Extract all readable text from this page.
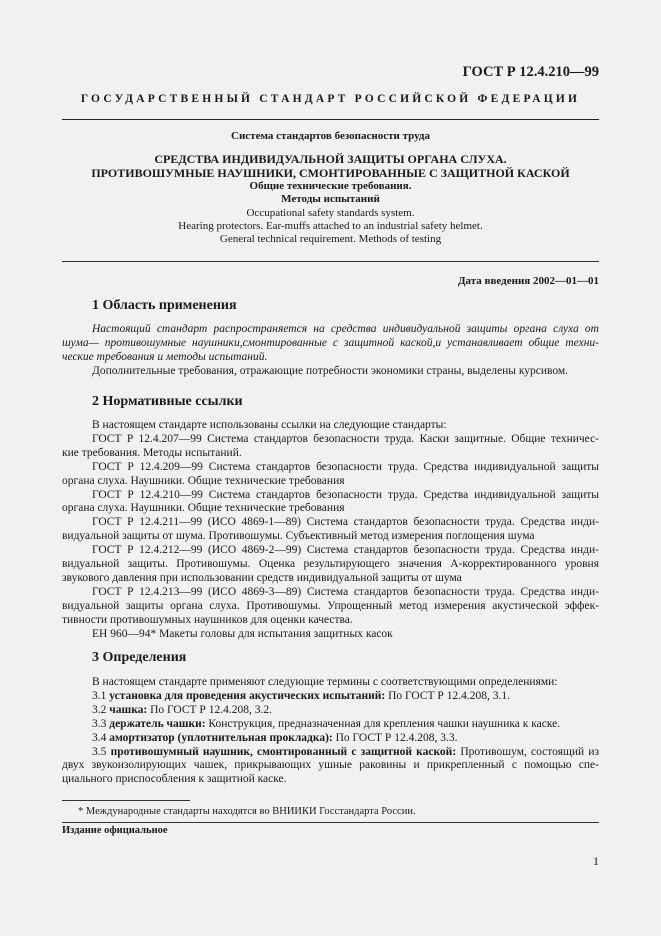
ГОСТ Р 12.4.210—99
ГОСУДАРСТВЕННЫЙ СТАНДАРТ РОССИЙСКОЙ ФЕДЕРАЦИИ
Система стандартов безопасности труда
СРЕДСТВА ИНДИВИДУАЛЬНОЙ ЗАЩИТЫ ОРГАНА СЛУХА.
ПРОТИВОШУМНЫЕ НАУШНИКИ, СМОНТИРОВАННЫЕ С ЗАЩИТНОЙ КАСКОЙ
Общие технические требования.
Методы испытаний
Occupational safety standards system.
Hearing protectors. Ear-muffs attached to an industrial safety helmet.
General technical requirement. Methods of testing
Дата введения 2002—01—01
1 Область применения

Настоящий стандарт распространяется на средства индивидуальной защиты органа слуха от

шума— противошумные наушники,смонтированные с защитной каской,и устанавливает общие техни-

ческие требования и методы испытаний.

Дополнительные требования, отражающие потребности экономики страны, выделены курсивом.

2 Нормативные ссылки

В настоящем стандарте использованы ссылки на следующие стандарты:

ГОСТ Р 12.4.207—99 Система стандартов безопасности труда. Каски защитные. Общие техничес-

кие требования. Методы испытаний.

ГОСТ Р 12.4.209—99 Система стандартов безопасности труда. Средства индивидуальной защиты

органа слуха. Наушники. Общие технические требования

ГОСТ Р 12.4.210—99 Система стандартов безопасности труда. Средства индивидуальной защиты

органа слуха. Наушники. Общие технические требования

ГОСТ Р 12.4.211—99 (ИСО 4869-1—89) Система стандартов безопасности труда. Средства инди-

видуальной защиты от шума. Противошумы. Субъективный метод измерения поглощения шума

ГОСТ Р 12.4.212—99 (ИСО 4869-2—99) Система стандартов безопасности труда. Средства инди-

видуальной защиты. Противошумы. Оценка результирующего значения А-корректированного уровня

звукового давления при использовании средств индивидуальной защиты от шума

ГОСТ Р 12.4.213—99 (ИСО 4869-3—89) Система стандартов безопасности труда. Средства инди-

видуальной защиты органа слуха. Противошумы. Упрощенный метод измерения акустической эффек-

тивности противошумных наушников для оценки качества.

ЕН 960—94* Макеты головы для испытания защитных касок

3 Определения

В настоящем стандарте применяют следующие термины с соответствующими определениями:

3.1 установка для проведения акустических испытаний: По ГОСТ Р 12.4.208, 3.1.

3.2 чашка: По ГОСТ Р 12.4.208, 3.2.

3.3 держатель чашки: Конструкция, предназначенная для крепления чашки наушника к каске.

3.4 амортизатор (уплотнительная прокладка): По ГОСТ Р 12.4.208, 3.3.

3.5 противошумный наушник, смонтированный с защитной каской: Противошум, состоящий из

двух звукоизолирующих чашек, прикрывающих ушные раковины и прикрепленный с помощью спе-

циального приспособления к защитной каске.

* Международные стандарты находятся во ВНИИКИ Госстандарта России.
Издание официальное
1
